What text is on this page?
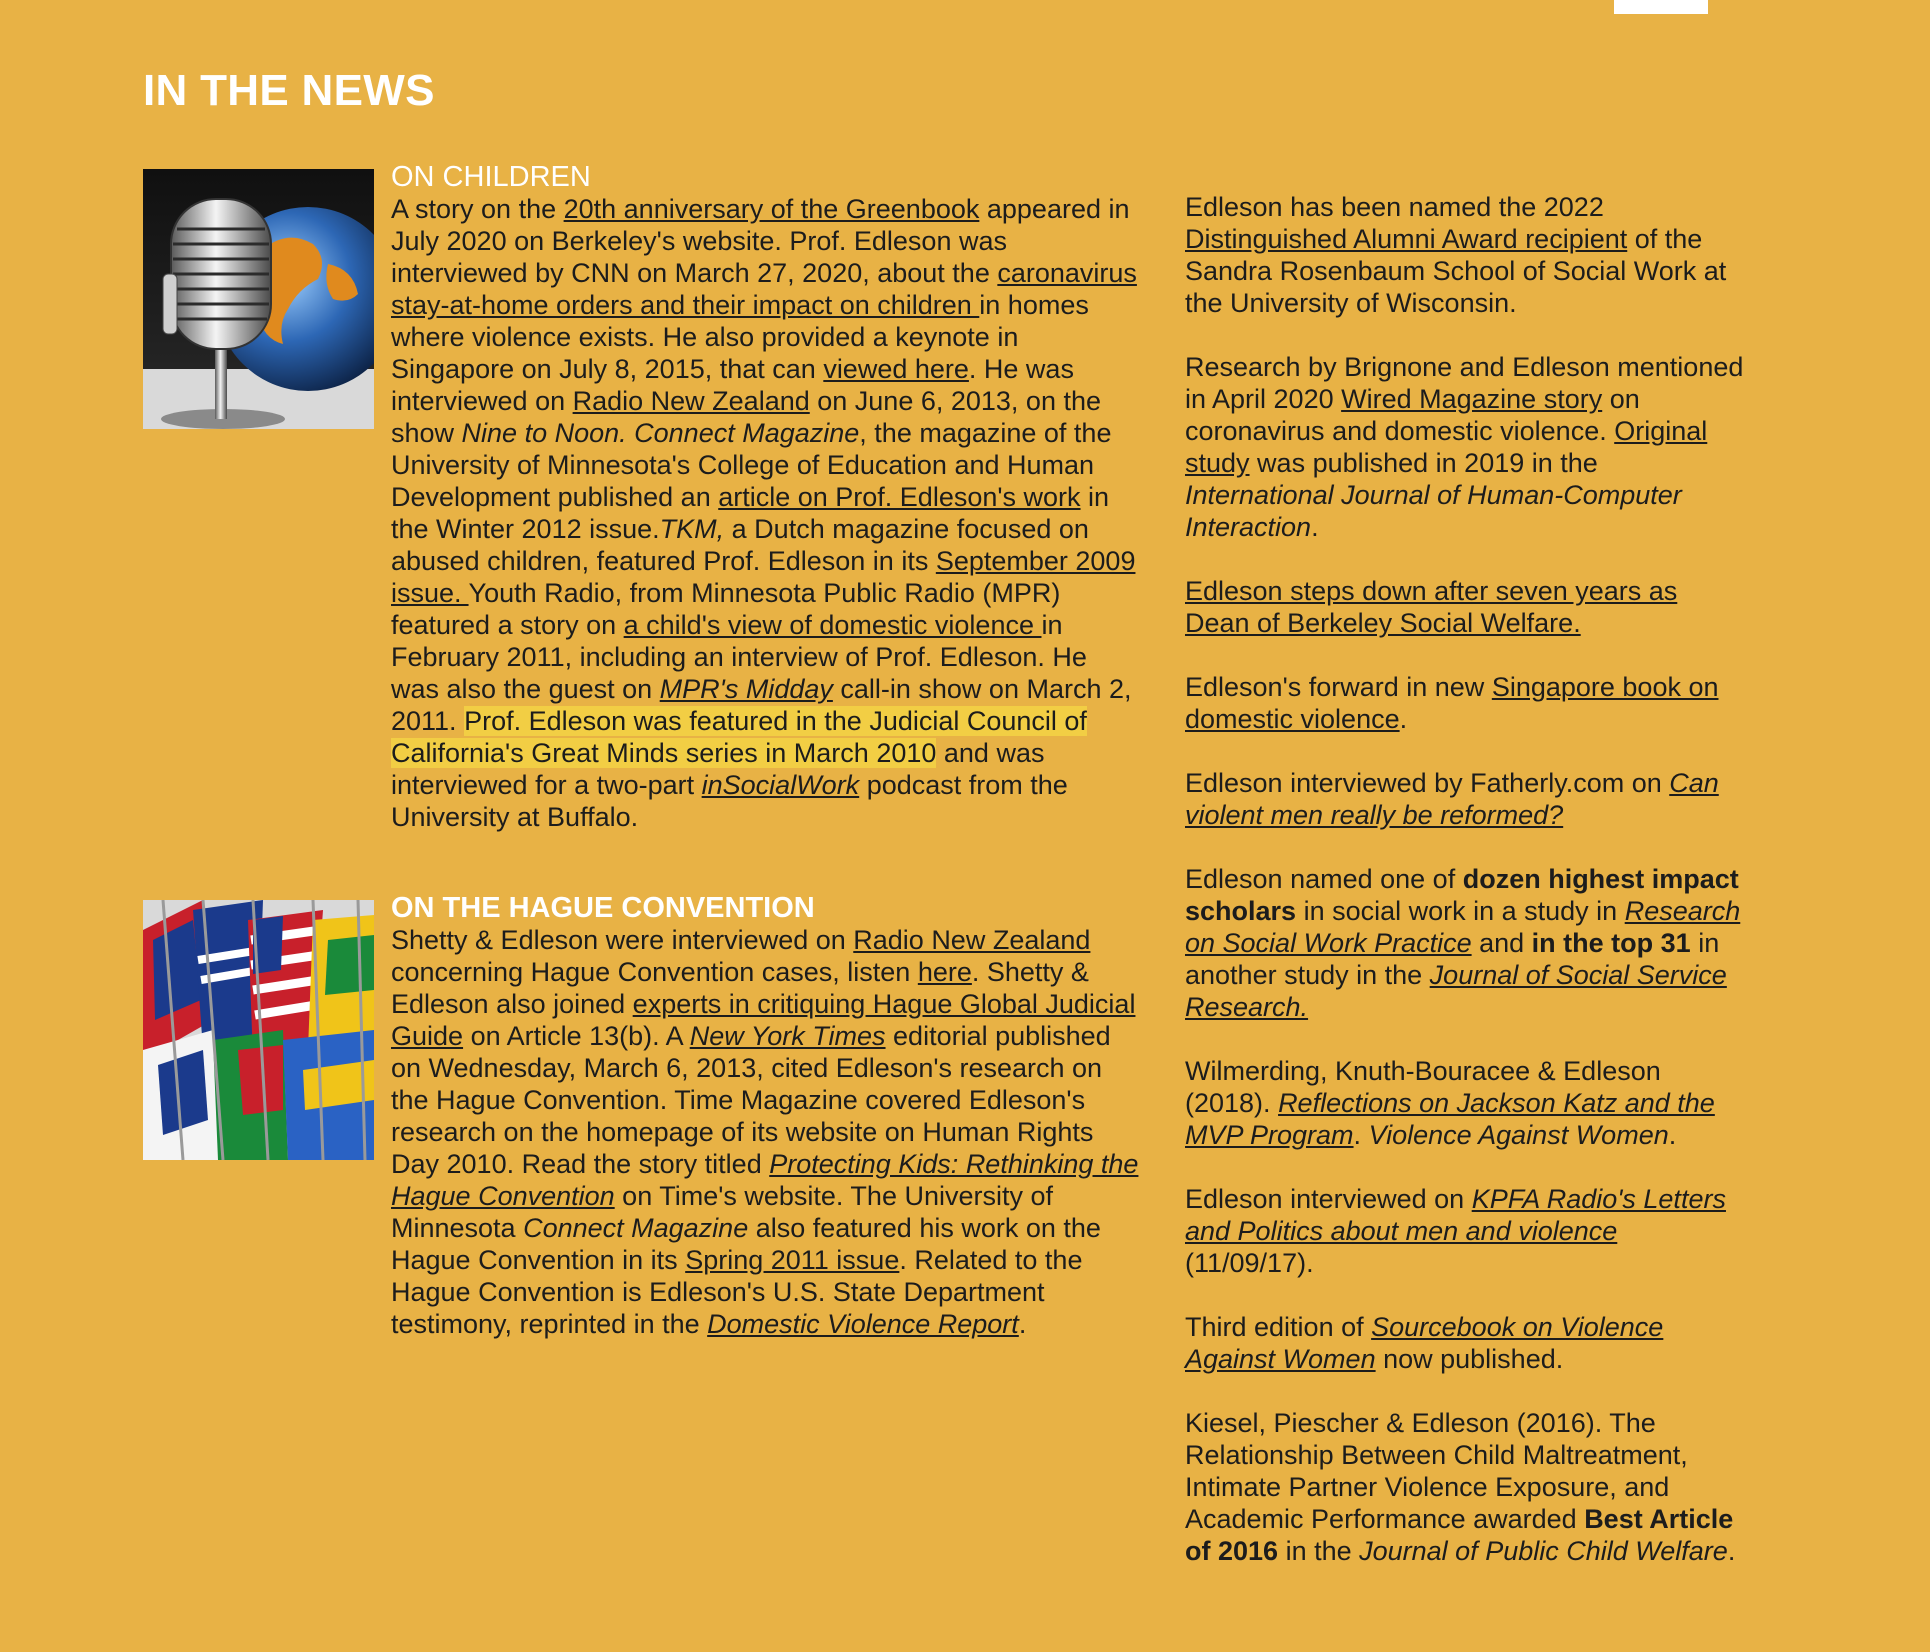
IN THE NEWS
ON CHILDREN

A story on the 20th anniversary of the Greenbook appeared in July 2020 on Berkeley's website. Prof. Edleson was interviewed by CNN on March 27, 2020, about the caronavirus stay-at-home orders and their impact on children in homes where violence exists. He also provided a keynote in Singapore on July 8, 2015, that can viewed here. He was interviewed on Radio New Zealand on June 6, 2013, on the show Nine to Noon. Connect Magazine, the magazine of the University of Minnesota's College of Education and Human Development published an article on Prof. Edleson's work in the Winter 2012 issue.TKM, a Dutch magazine focused on abused children, featured Prof. Edleson in its September 2009 issue. Youth Radio, from Minnesota Public Radio (MPR) featured a story on a child's view of domestic violence in February 2011, including an interview of Prof. Edleson. He was also the guest on MPR's Midday call-in show on March 2, 2011. Prof. Edleson was featured in the Judicial Council of California's Great Minds series in March 2010 and was interviewed for a two-part inSocialWork podcast from the University at Buffalo.

ON THE HAGUE CONVENTION

Shetty & Edleson were interviewed on Radio New Zealand concerning Hague Convention cases, listen here. Shetty & Edleson also joined experts in critiquing Hague Global Judicial Guide on Article 13(b). A New York Times editorial published on Wednesday, March 6, 2013, cited Edleson's research on the Hague Convention. Time Magazine covered Edleson's research on the homepage of its website on Human Rights Day 2010. Read the story titled Protecting Kids: Rethinking the Hague Convention on Time's website. The University of Minnesota Connect Magazine also featured his work on the Hague Convention in its Spring 2011 issue. Related to the Hague Convention is Edleson's U.S. State Department testimony, reprinted in the Domestic Violence Report.

Edleson has been named the 2022 Distinguished Alumni Award recipient of the Sandra Rosenbaum School of Social Work at the University of Wisconsin.

Research by Brignone and Edleson mentioned in April 2020 Wired Magazine story on coronavirus and domestic violence. Original study was published in 2019 in the International Journal of Human-Computer Interaction.

Edleson steps down after seven years as Dean of Berkeley Social Welfare.

Edleson's forward in new Singapore book on domestic violence.

Edleson interviewed by Fatherly.com on Can violent men really be reformed?

Edleson named one of dozen highest impact scholars in social work in a study in Research on Social Work Practice and in the top 31 in another study in the Journal of Social Service Research.

Wilmerding, Knuth-Bouracee & Edleson (2018). Reflections on Jackson Katz and the MVP Program. Violence Against Women.

Edleson interviewed on KPFA Radio's Letters and Politics about men and violence (11/09/17).

Third edition of Sourcebook on Violence Against Women now published.

Kiesel, Piescher & Edleson (2016). The Relationship Between Child Maltreatment, Intimate Partner Violence Exposure, and Academic Performance awarded Best Article of 2016 in the Journal of Public Child Welfare.
